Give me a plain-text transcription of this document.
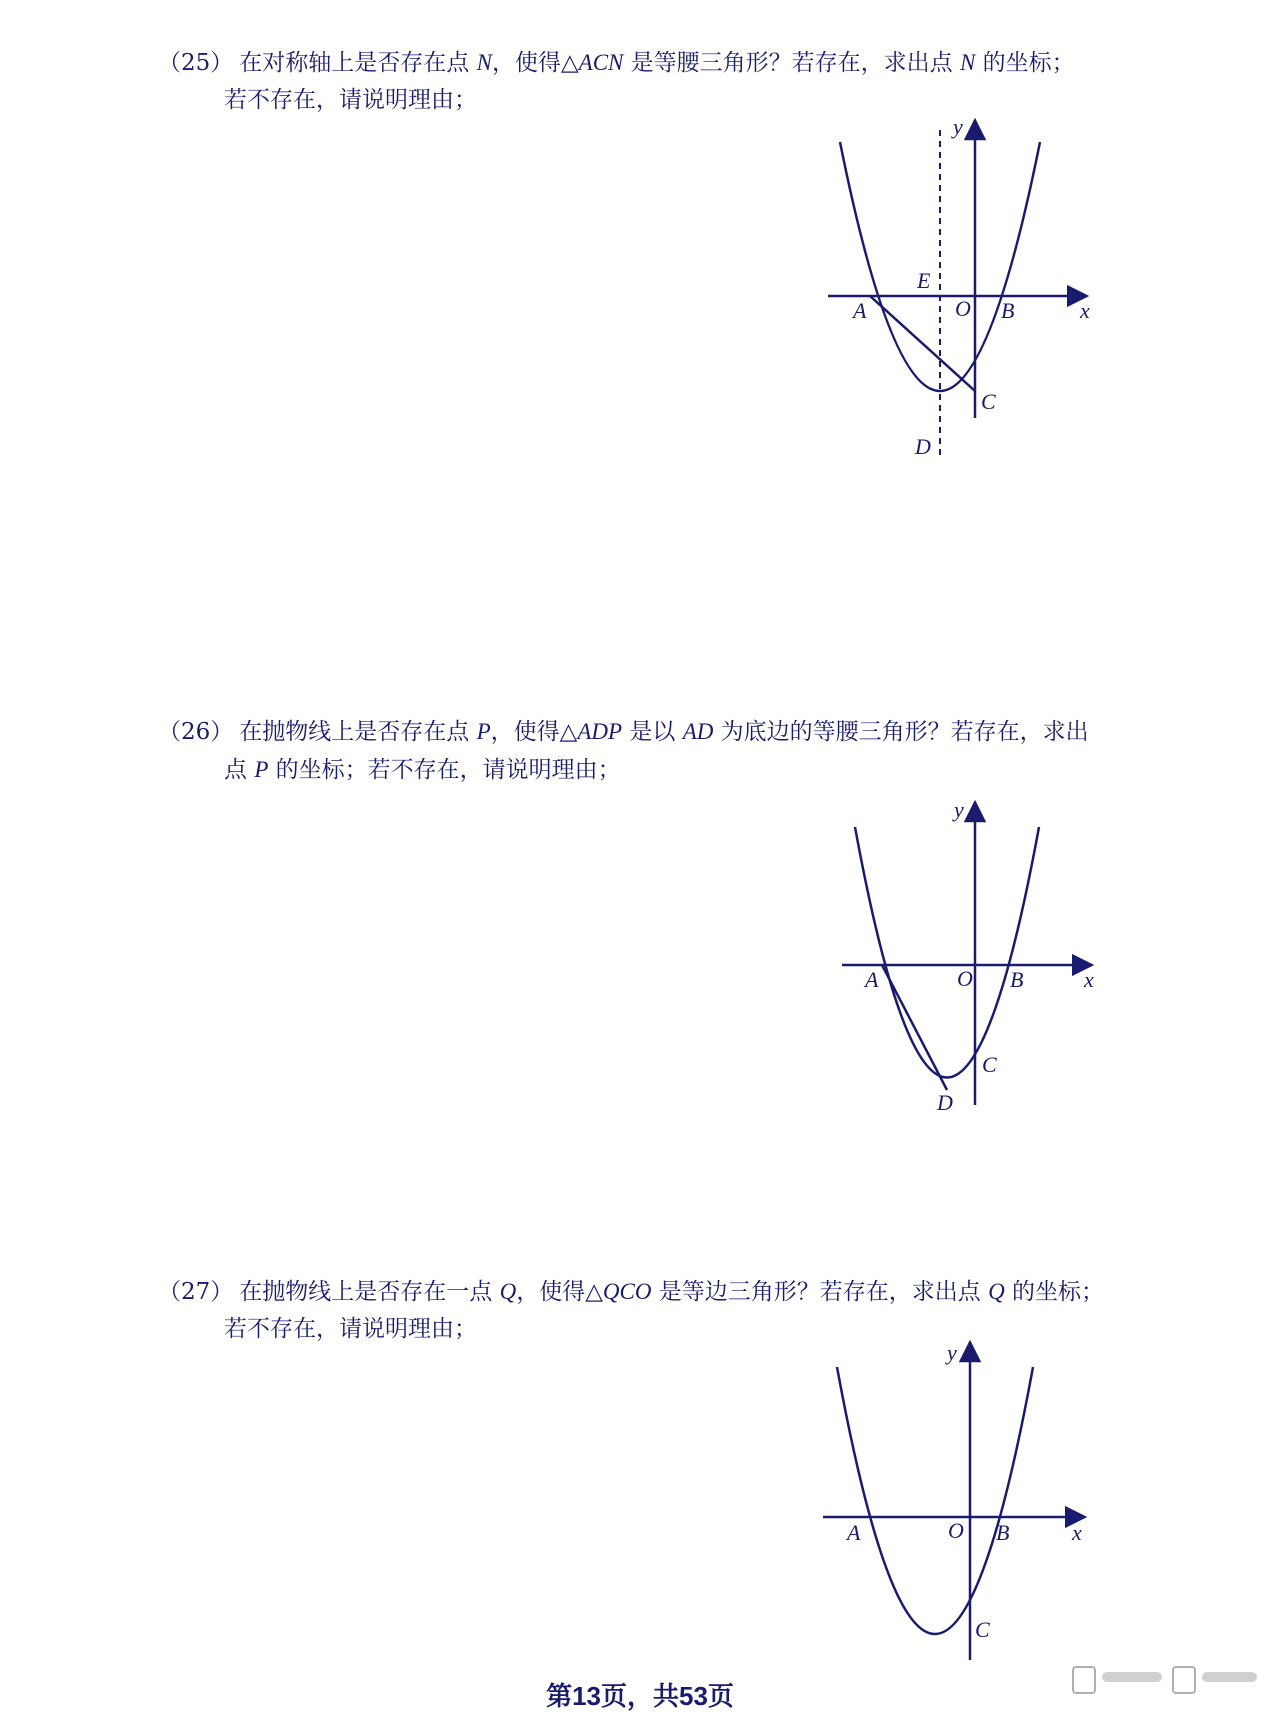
（25） 在对称轴上是否存在点 N，使得△ACN 是等腰三角形？若存在，求出点 N 的坐标；

若不存在，请说明理由；

y
x
E
O B
A
C
D

（26） 在抛物线上是否存在点 P，使得△ADP 是以 AD 为底边的等腰三角形？若存在，求出

点 P 的坐标；若不存在，请说明理由；

y
x
A	O B
C
D

（27） 在抛物线上是否存在一点 Q，使得△QCO 是等边三角形？若存在，求出点 Q 的坐标；

若不存在，请说明理由；

y
x
A	O B
C
第13页，共53页
